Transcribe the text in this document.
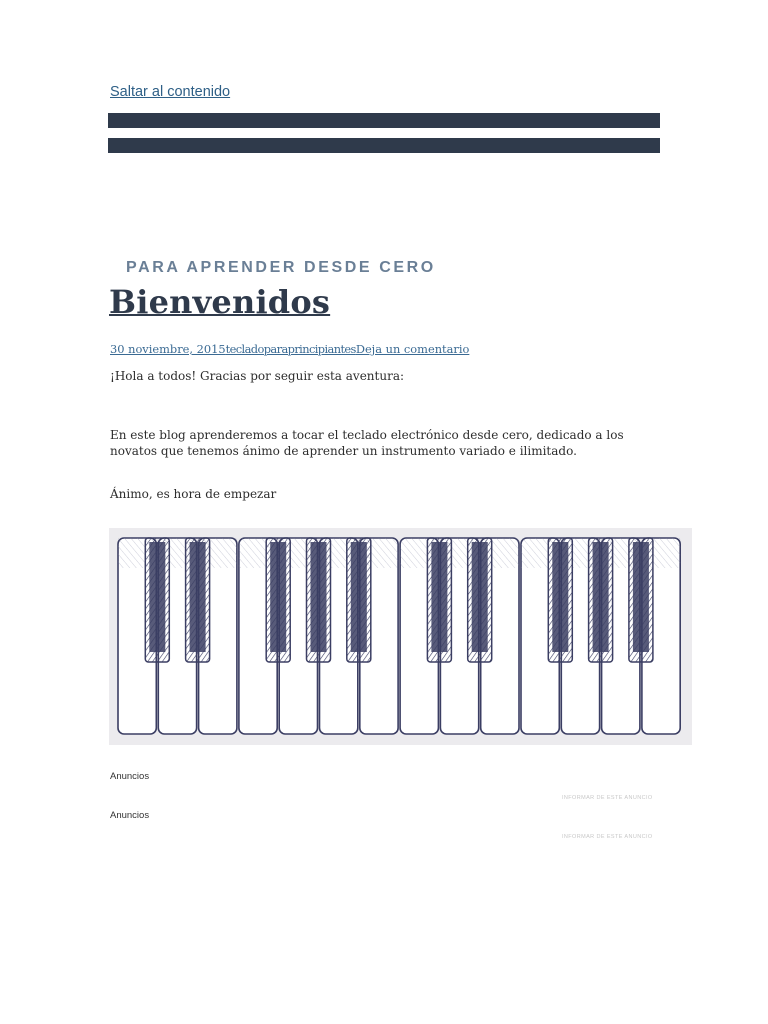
Saltar al contenido
PARA APRENDER DESDE CERO
Bienvenidos
30 noviembre, 2015tecladoparaprincipiantesDeja un comentario

¡Hola a todos! Gracias por seguir esta aventura:

En este blog aprenderemos a tocar el teclado electrónico desde cero, dedicado a los novatos que tenemos ánimo de aprender un instrumento variado e ilimitado.

Ánimo, es hora de empezar

Anuncios
INFORMAR DE ESTE ANUNCIO
Anuncios
INFORMAR DE ESTE ANUNCIO
